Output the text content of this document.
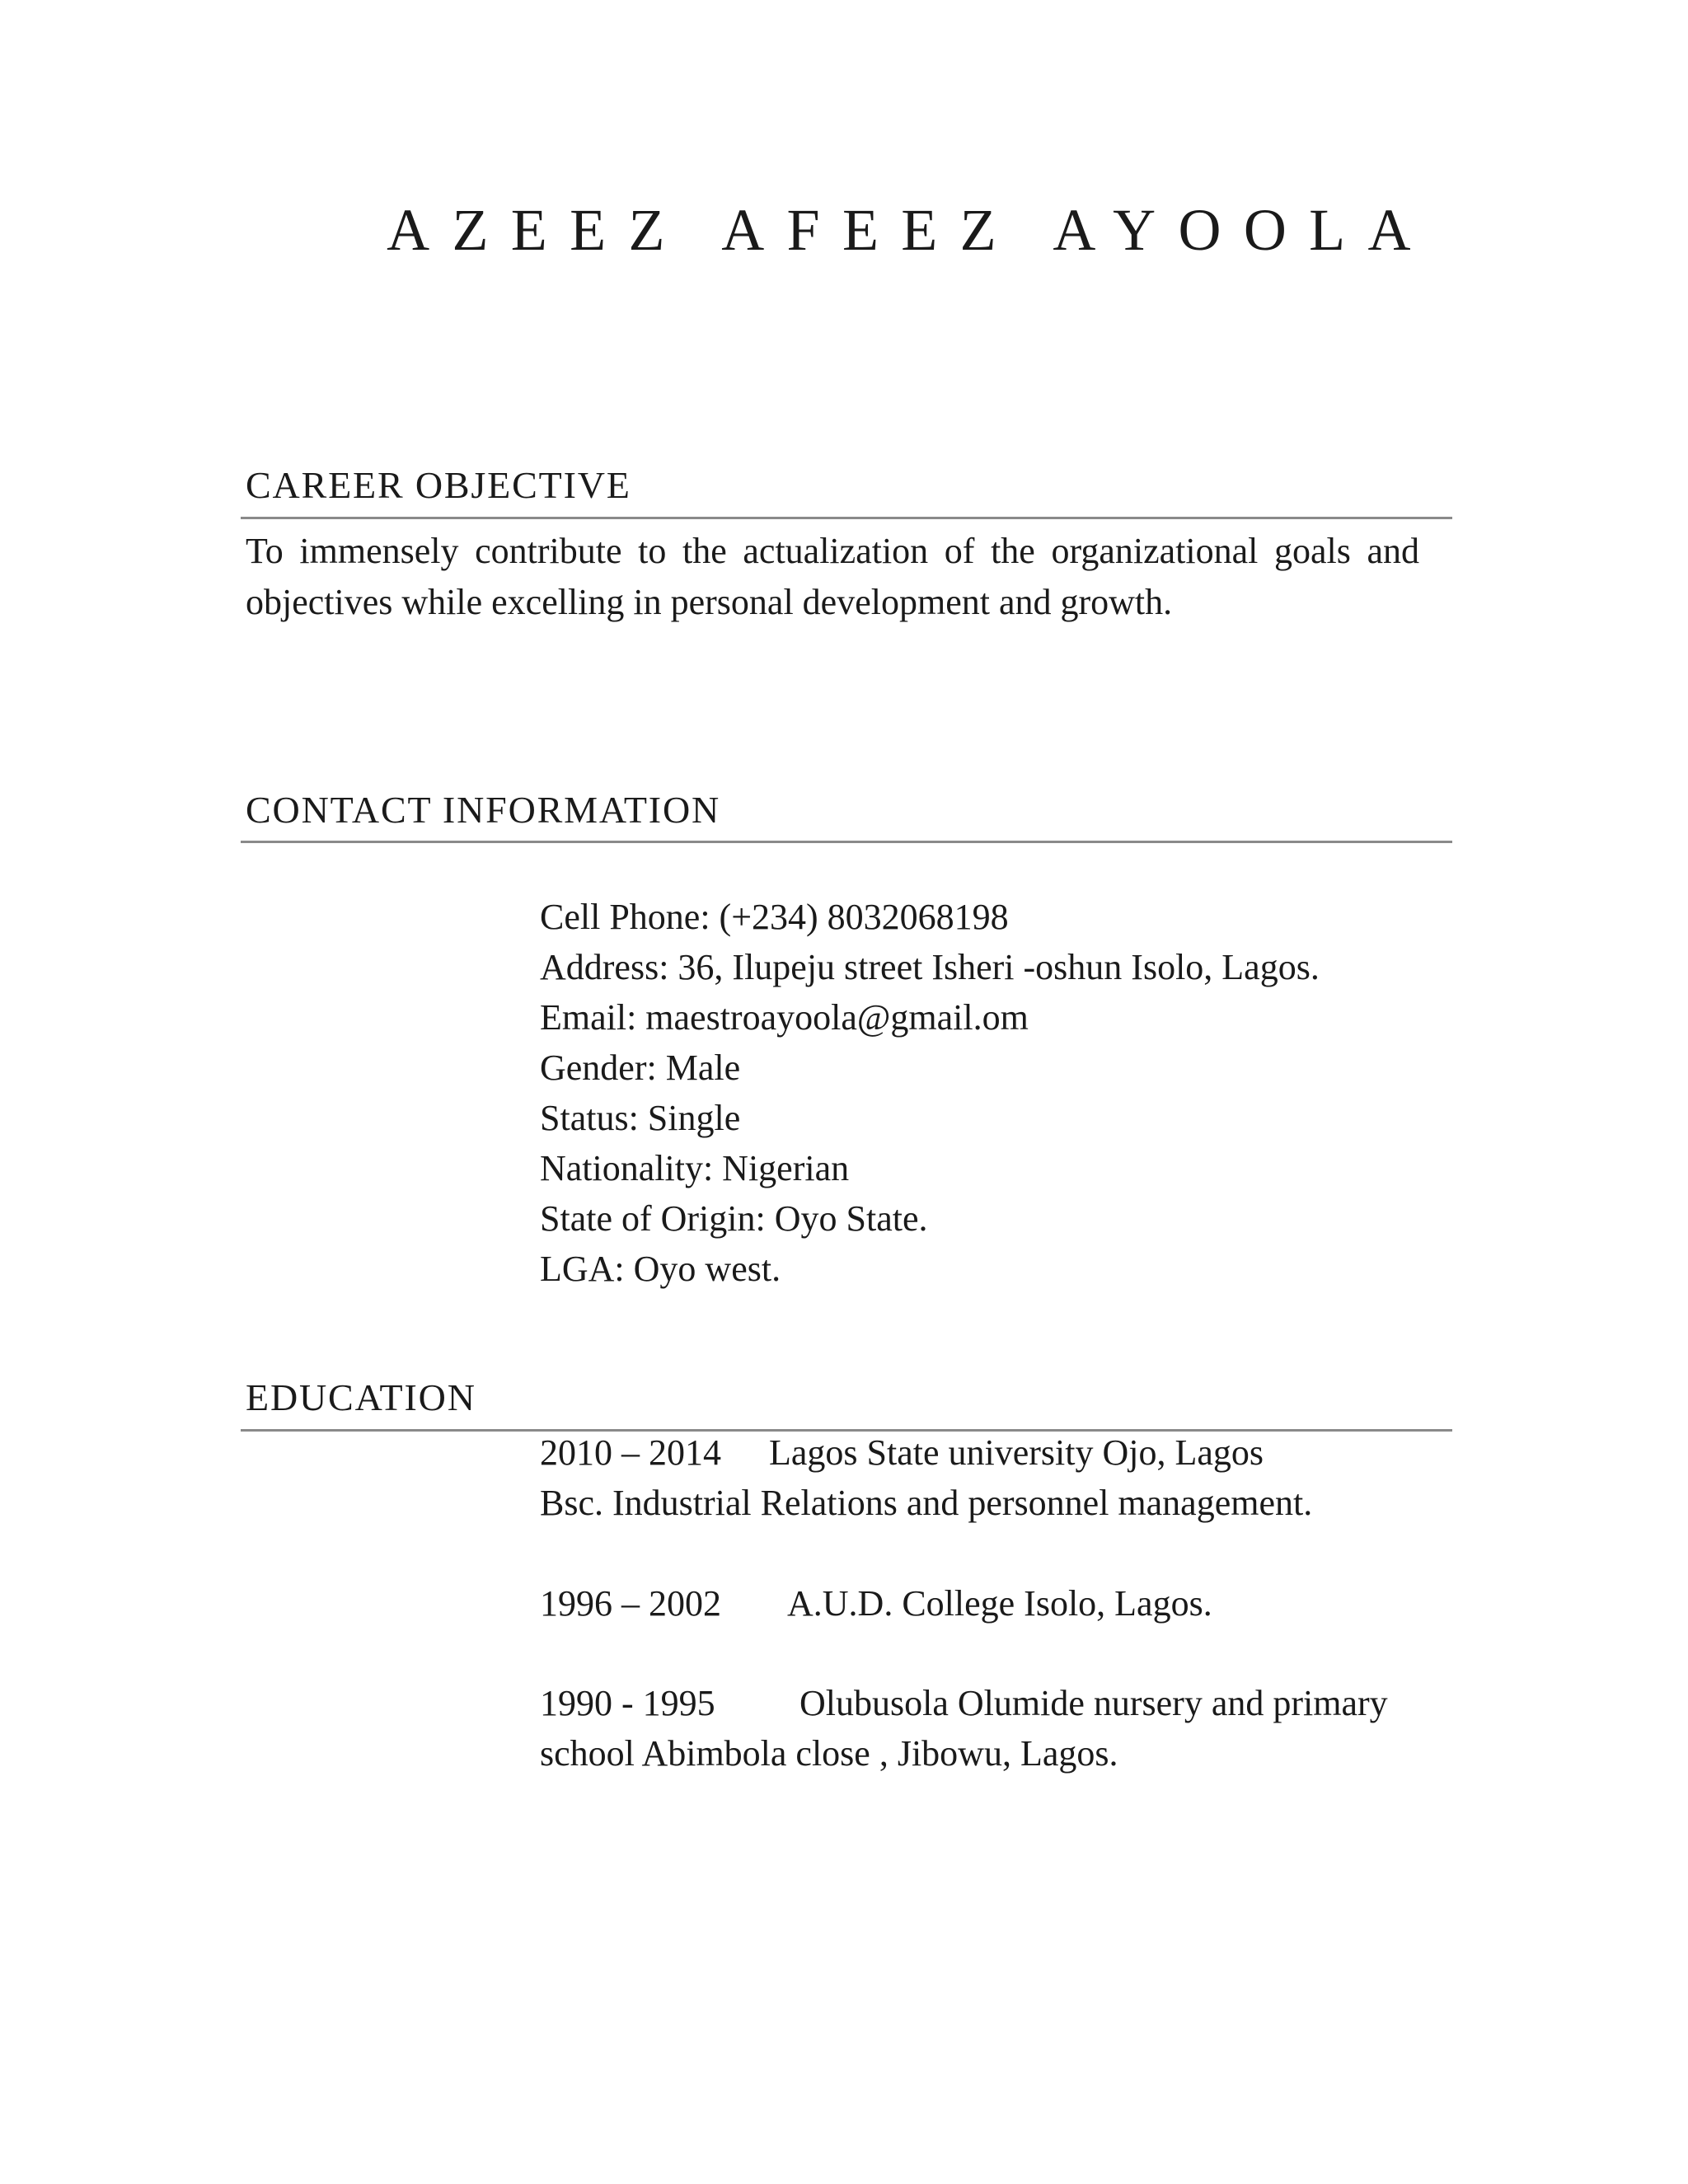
AZEEZ AFEEZ AYOOLA
CAREER OBJECTIVE

To immensely contribute to the actualization of the organizational goals and
objectives while excelling in personal development and growth.

CONTACT INFORMATION
Cell Phone: (+234) 8032068198
Address: 36, Ilupeju street Isheri -oshun Isolo, Lagos.
Email: maestroayoola@gmail.om
Gender: Male
Status: Single
Nationality: Nigerian
State of Origin: Oyo State.
LGA: Oyo west.
EDUCATION
2010 – 2014 Lagos State university Ojo, Lagos
Bsc. Industrial Relations and personnel management.
1996 – 2002 A.U.D. College Isolo, Lagos.
1990 - 1995 Olubusola Olumide nursery and primary
school Abimbola close , Jibowu, Lagos.
